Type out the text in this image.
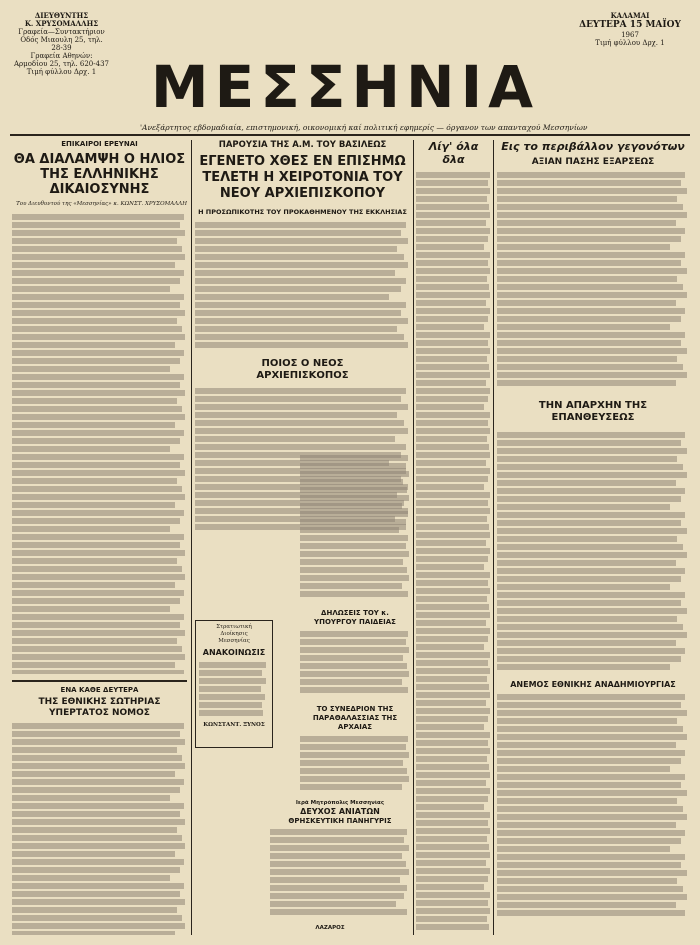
ΔΙΕΥΘΥΝΤΗΣ
Κ. ΧΡΥΣΟΜΑΛΛΗΣ
Γραφεία—Συντακτήριον
Οδός Μιαουλη 25, τηλ. 28-39
Γραφεία Αθηνών:
Αρμοδίου 25, τηλ. 620-437
Τιμή φύλλου Δρχ. 1 ΜΕΣΣΗΝΙΑ
ΚΑΛΑΜΑΙ
ΔΕΥΤΕΡΑ 15 ΜΑΪΟΥ
1967
Τιμή φύλλου Δρχ. 1
'Ανεξάρτητος εβδομαδιαία, επιστημονική, οικονομική καί πολιτική εφημερίς — όργανον των απανταχού Μεσσηνίων
ΕΠΙΚΑΙΡΟΙ ΕΡΕΥΝΑΙ
ΘΑ ΔΙΑΛΑΜΨΗ Ο ΗΛΙΟΣ ΤΗΣ ΕΛΛΗΝΙΚΗΣ ΔΙΚΑΙΟΣΥΝΗΣ
Του Διευθυντού της «Μεσσηνίας» κ. ΚΩΝΣΤ. ΧΡΥΣΟΜΑΛΛΗ
ΕΝΑ ΚΑΘΕ ΔΕΥΤΕΡΑ
ΤΗΣ ΕΘΝΙΚΗΣ ΣΩΤΗΡΙΑΣ ΥΠΕΡΤΑΤΟΣ ΝΟΜΟΣ
ΠΑΡΟΥΣΙΑ ΤΗΣ Α.Μ. ΤΟΥ ΒΑΣΙΛΕΩΣ
ΕΓΕΝΕΤΟ ΧΘΕΣ ΕΝ ΕΠΙΣΗΜΩ ΤΕΛΕΤΗ Η ΧΕΙΡΟΤΟΝΙΑ ΤΟΥ ΝΕΟΥ ΑΡΧΙΕΠΙΣΚΟΠΟΥ
Η ΠΡΟΣΩΠΙΚΟΤΗΣ ΤΟΥ ΠΡΟΚΑΘΗΜΕΝΟΥ ΤΗΣ ΕΚΚΛΗΣΙΑΣ
ΠΟΙΟΣ Ο ΝΕΟΣ ΑΡΧΙΕΠΙΣΚΟΠΟΣ
Στρατιωτική
Διοίκησις
Μεσσηνίας
ΑΝΑΚΟΙΝΩΣΙΣ
ΚΩΝΣΤΑΝΤ. ΞΥΝΟΣ
ΔΗΛΩΣΕΙΣ ΤΟΥ κ. ΥΠΟΥΡΓΟΥ ΠΑΙΔΕΙΑΣ
ΤΟ ΣΥΝΕΔΡΙΟΝ ΤΗΣ ΠΑΡΑΘΑΛΑΣΣΙΑΣ ΤΗΣ ΑΡΧΑΙΑΣ
Ιερά Μητρόπολις Μεσσηνίας
ΔΕΥΧΟΣ ΑΝΙΑΤΩΝ
ΘΡΗΣΚΕΥΤΙΚΗ ΠΑΝΗΓΥΡΙΣ
ΛΑΖΑΡΟΣ
Λίγ' όλα δλα
Εις το περιβάλλον γεγονότων
ΑΞΙΑΝ ΠΑΣΗΣ ΕΞΑΡΣΕΩΣ
ΤΗΝ ΑΠΑΡΧΗΝ ΤΗΣ ΕΠΑΝΘΕΥΣΕΩΣ
ΑΝΕΜΟΣ ΕΘΝΙΚΗΣ ΑΝΑΔΗΜΙΟΥΡΓΙΑΣ
